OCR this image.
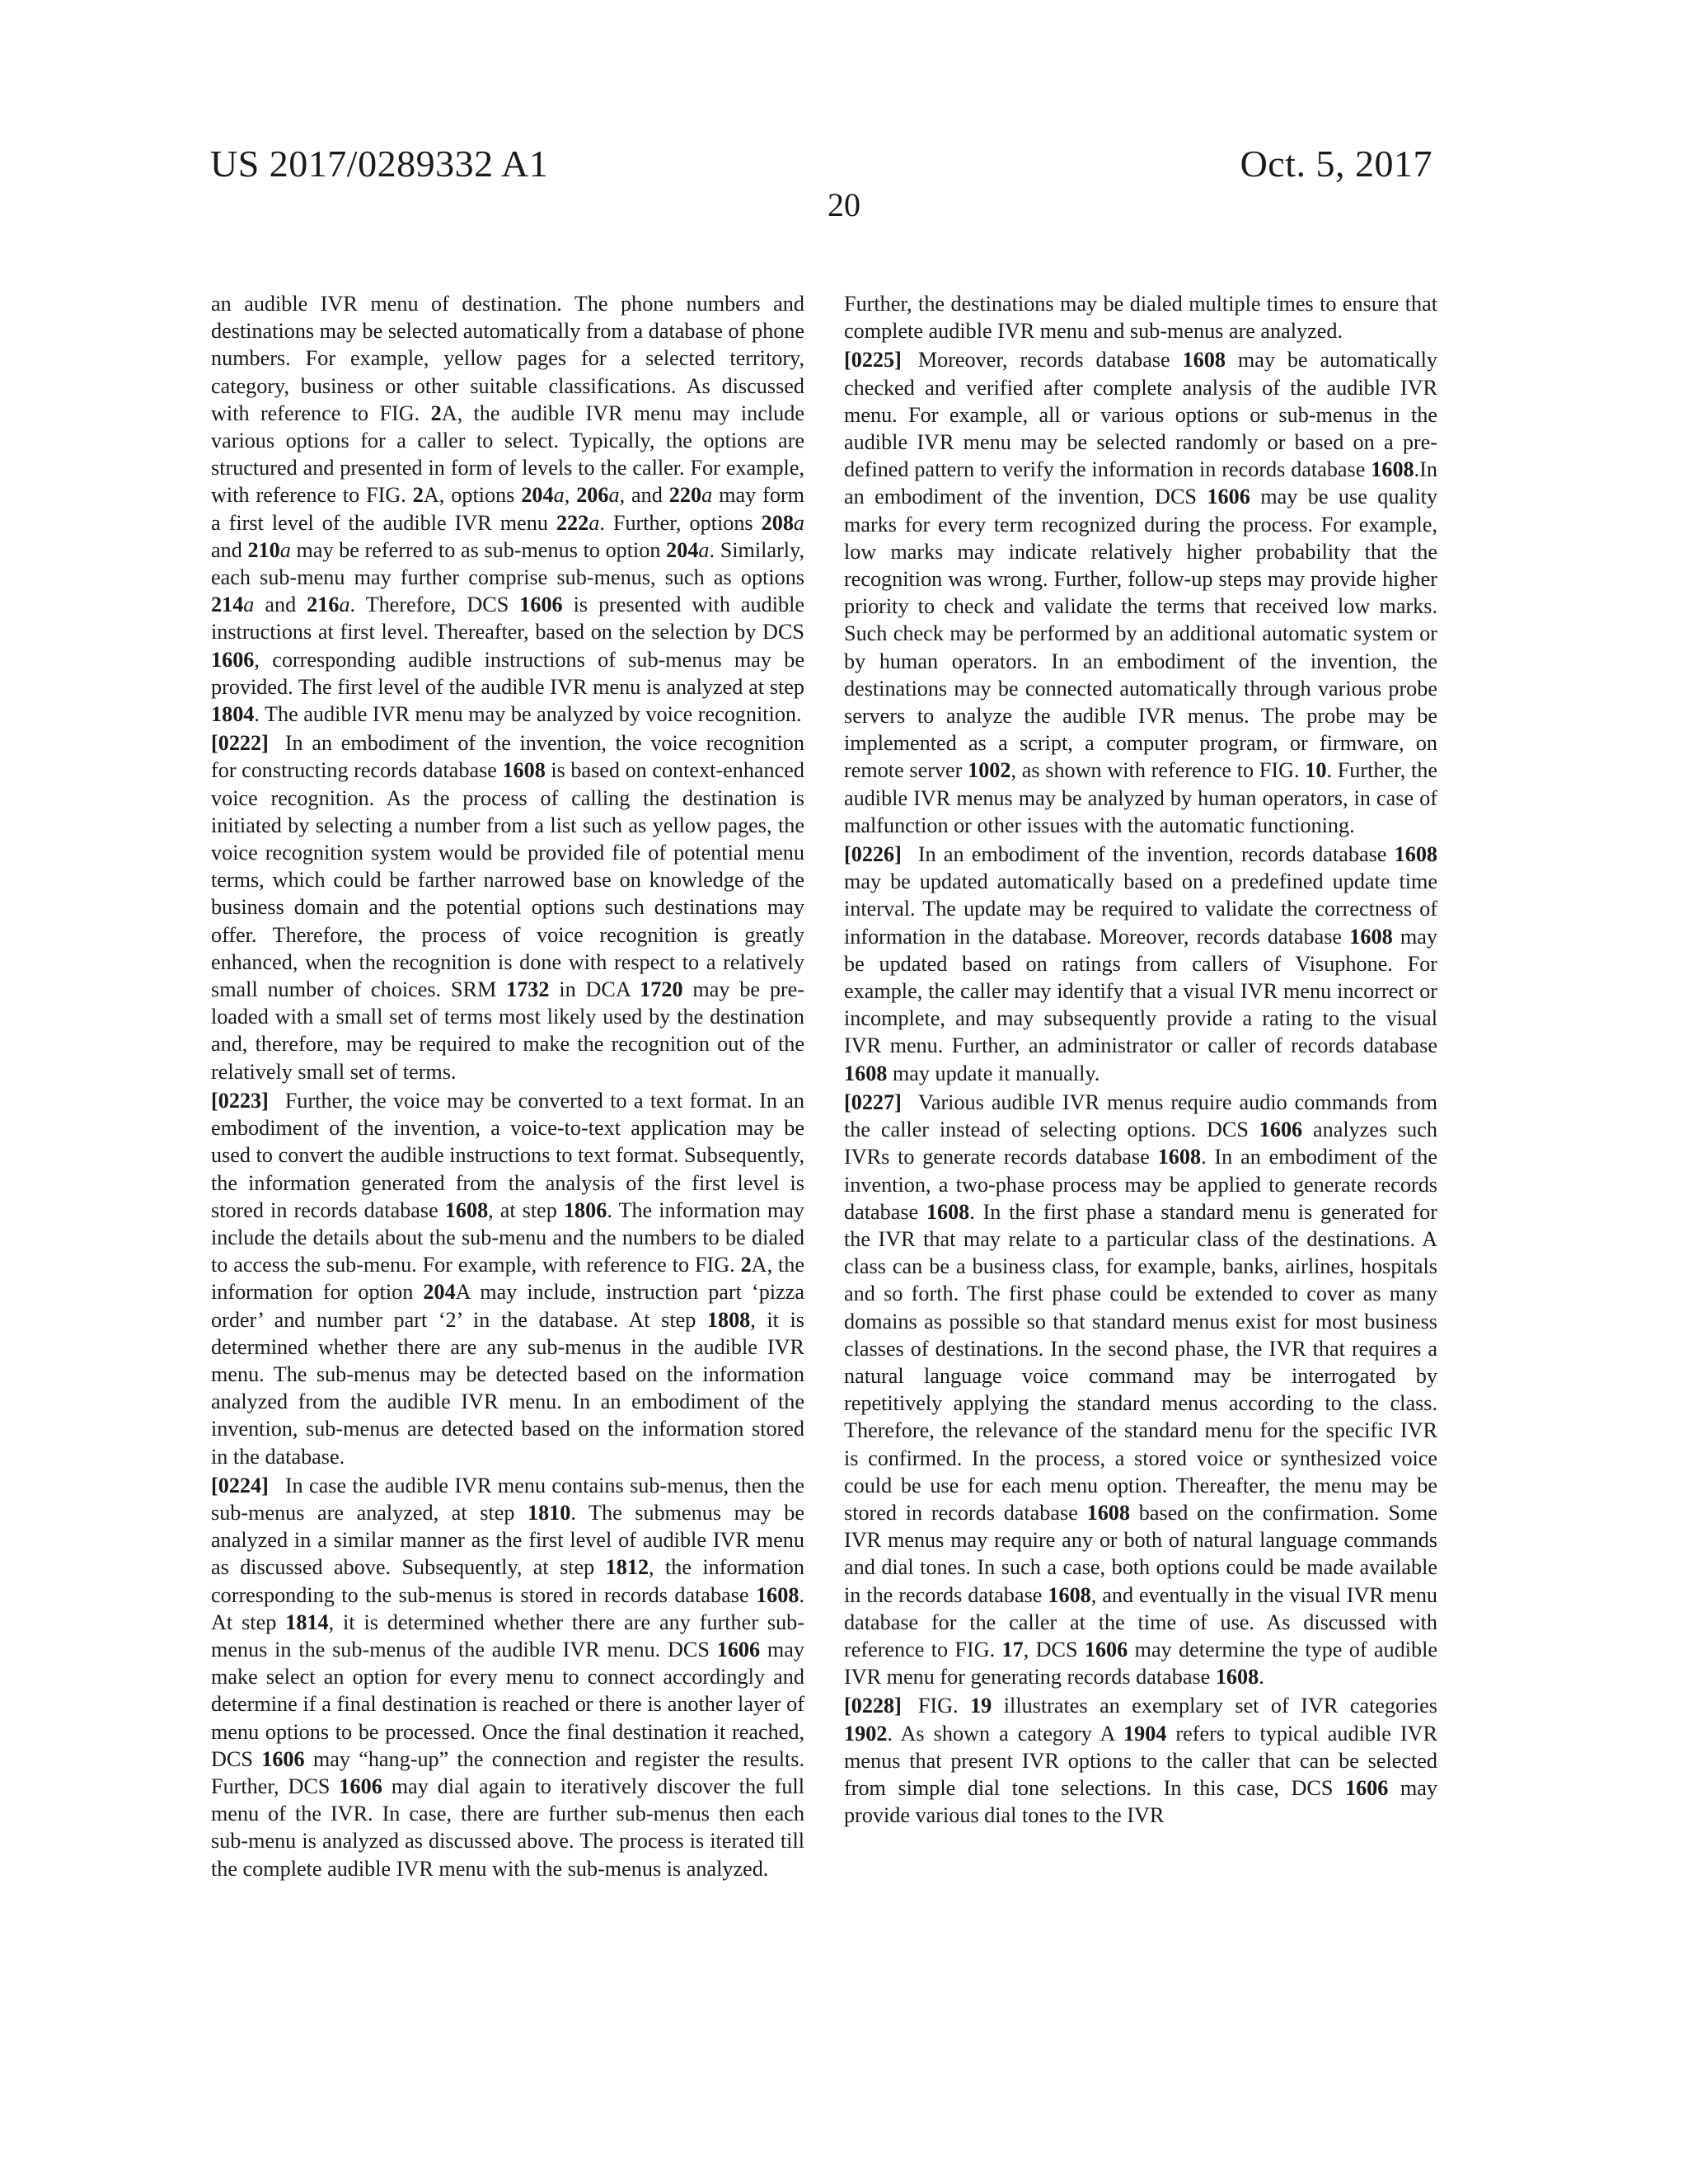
US 2017/0289332 A1	Oct. 5, 2017
20

an audible IVR menu of destination. The phone numbers and destinations may be selected automatically from a database of phone numbers. For example, yellow pages for a selected territory, category, business or other suitable classifications. As discussed with reference to FIG. 2A, the audible IVR menu may include various options for a caller to select. Typically, the options are structured and presented in form of levels to the caller. For example, with reference to FIG. 2A, options 204a, 206a, and 220a may form a first level of the audible IVR menu 222a. Further, options 208a and 210a may be referred to as sub-menus to option 204a. Similarly, each sub-menu may further comprise sub-menus, such as options 214a and 216a. Therefore, DCS 1606 is presented with audible instructions at first level. Thereafter, based on the selection by DCS 1606, corresponding audible instructions of sub-menus may be provided. The first level of the audible IVR menu is analyzed at step 1804. The audible IVR menu may be analyzed by voice recognition.

[0222] In an embodiment of the invention, the voice recognition for constructing records database 1608 is based on context-enhanced voice recognition. As the process of calling the destination is initiated by selecting a number from a list such as yellow pages, the voice recognition system would be provided file of potential menu terms, which could be farther narrowed base on knowledge of the business domain and the potential options such destinations may offer. Therefore, the process of voice recognition is greatly enhanced, when the recognition is done with respect to a relatively small number of choices. SRM 1732 in DCA 1720 may be pre-loaded with a small set of terms most likely used by the destination and, therefore, may be required to make the recognition out of the relatively small set of terms.

[0223] Further, the voice may be converted to a text format. In an embodiment of the invention, a voice-to-text application may be used to convert the audible instructions to text format. Subsequently, the information generated from the analysis of the first level is stored in records database 1608, at step 1806. The information may include the details about the sub-menu and the numbers to be dialed to access the sub-menu. For example, with reference to FIG. 2A, the information for option 204A may include, instruction part ‘pizza order’ and number part ‘2’ in the database. At step 1808, it is determined whether there are any sub-menus in the audible IVR menu. The sub-menus may be detected based on the information analyzed from the audible IVR menu. In an embodiment of the invention, sub-menus are detected based on the information stored in the database.

[0224] In case the audible IVR menu contains sub-menus, then the sub-menus are analyzed, at step 1810. The submenus may be analyzed in a similar manner as the first level of audible IVR menu as discussed above. Subsequently, at step 1812, the information corresponding to the sub-menus is stored in records database 1608. At step 1814, it is determined whether there are any further sub-menus in the sub-menus of the audible IVR menu. DCS 1606 may make select an option for every menu to connect accordingly and determine if a final destination is reached or there is another layer of menu options to be processed. Once the final destination it reached, DCS 1606 may “hang-up” the connection and register the results. Further, DCS 1606 may dial again to iteratively discover the full menu of the IVR. In case, there are further sub-menus then each sub-menu is analyzed as discussed above. The process is iterated till the complete audible IVR menu with the sub-menus is analyzed.

Further, the destinations may be dialed multiple times to ensure that complete audible IVR menu and sub-menus are analyzed.

[0225] Moreover, records database 1608 may be automatically checked and verified after complete analysis of the audible IVR menu. For example, all or various options or sub-menus in the audible IVR menu may be selected randomly or based on a pre-defined pattern to verify the information in records database 1608.In an embodiment of the invention, DCS 1606 may be use quality marks for every term recognized during the process. For example, low marks may indicate relatively higher probability that the recognition was wrong. Further, follow-up steps may provide higher priority to check and validate the terms that received low marks. Such check may be performed by an additional automatic system or by human operators. In an embodiment of the invention, the destinations may be connected automatically through various probe servers to analyze the audible IVR menus. The probe may be implemented as a script, a computer program, or firmware, on remote server 1002, as shown with reference to FIG. 10. Further, the audible IVR menus may be analyzed by human operators, in case of malfunction or other issues with the automatic functioning.

[0226] In an embodiment of the invention, records database 1608 may be updated automatically based on a predefined update time interval. The update may be required to validate the correctness of information in the database. Moreover, records database 1608 may be updated based on ratings from callers of Visuphone. For example, the caller may identify that a visual IVR menu incorrect or incomplete, and may subsequently provide a rating to the visual IVR menu. Further, an administrator or caller of records database 1608 may update it manually.

[0227] Various audible IVR menus require audio commands from the caller instead of selecting options. DCS 1606 analyzes such IVRs to generate records database 1608. In an embodiment of the invention, a two-phase process may be applied to generate records database 1608. In the first phase a standard menu is generated for the IVR that may relate to a particular class of the destinations. A class can be a business class, for example, banks, airlines, hospitals and so forth. The first phase could be extended to cover as many domains as possible so that standard menus exist for most business classes of destinations. In the second phase, the IVR that requires a natural language voice command may be interrogated by repetitively applying the standard menus according to the class. Therefore, the relevance of the standard menu for the specific IVR is confirmed. In the process, a stored voice or synthesized voice could be use for each menu option. Thereafter, the menu may be stored in records database 1608 based on the confirmation. Some IVR menus may require any or both of natural language commands and dial tones. In such a case, both options could be made available in the records database 1608, and eventually in the visual IVR menu database for the caller at the time of use. As discussed with reference to FIG. 17, DCS 1606 may determine the type of audible IVR menu for generating records database 1608.

[0228] FIG. 19 illustrates an exemplary set of IVR categories 1902. As shown a category A 1904 refers to typical audible IVR menus that present IVR options to the caller that can be selected from simple dial tone selections. In this case, DCS 1606 may provide various dial tones to the IVR
